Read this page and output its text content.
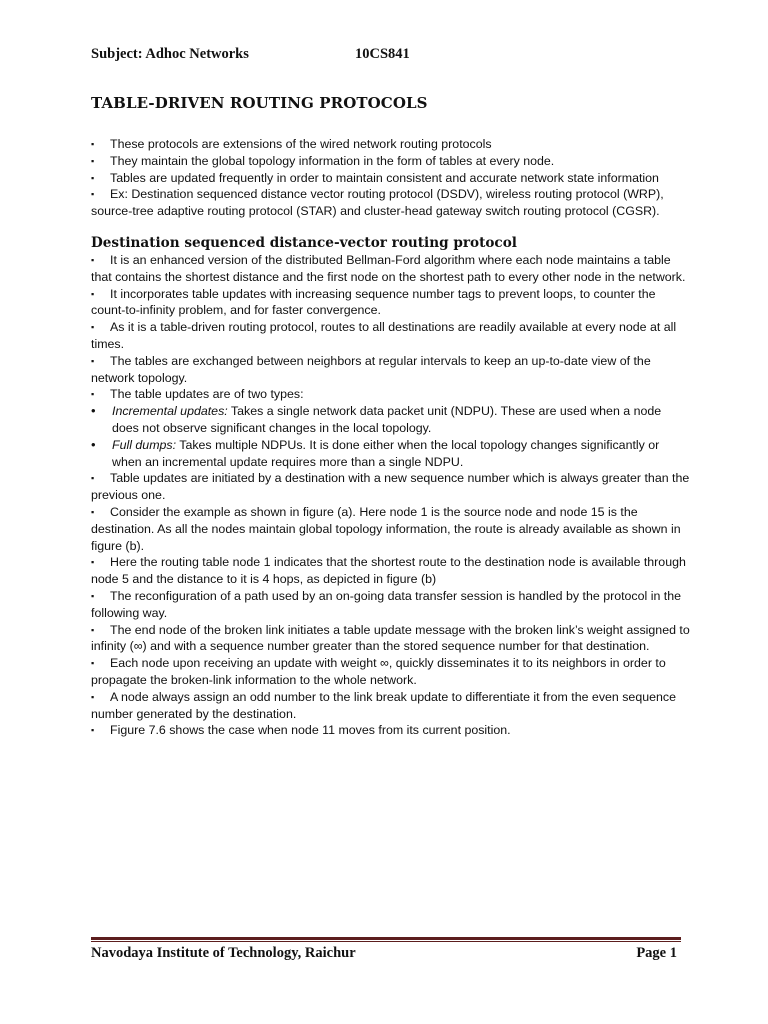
Subject: Adhoc Networks	10CS841
TABLE-DRIVEN ROUTING PROTOCOLS
▪ These protocols are extensions of the wired network routing protocols
▪ They maintain the global topology information in the form of tables at every node.
▪ Tables are updated frequently in order to maintain consistent and accurate network state information
▪ Ex: Destination sequenced distance vector routing protocol (DSDV), wireless routing protocol (WRP), source-tree adaptive routing protocol (STAR) and cluster-head gateway switch routing protocol (CGSR).
Destination sequenced distance-vector routing protocol
▪ It is an enhanced version of the distributed Bellman-Ford algorithm where each node maintains a table that contains the shortest distance and the first node on the shortest path to every other node in the network.
▪ It incorporates table updates with increasing sequence number tags to prevent loops, to counter the count-to-infinity problem, and for faster convergence.
▪ As it is a table-driven routing protocol, routes to all destinations are readily available at every node at all times.
▪ The tables are exchanged between neighbors at regular intervals to keep an up-to-date view of the network topology.
▪ The table updates are of two types:
• Incremental updates: Takes a single network data packet unit (NDPU). These are used when a node does not observe significant changes in the local topology.
• Full dumps: Takes multiple NDPUs. It is done either when the local topology changes significantly or when an incremental update requires more than a single NDPU.
▪ Table updates are initiated by a destination with a new sequence number which is always greater than the previous one.
▪ Consider the example as shown in figure (a). Here node 1 is the source node and node 15 is the destination. As all the nodes maintain global topology information, the route is already available as shown in figure (b).
▪ Here the routing table node 1 indicates that the shortest route to the destination node is available through node 5 and the distance to it is 4 hops, as depicted in figure (b)
▪ The reconfiguration of a path used by an on-going data transfer session is handled by the protocol in the following way.
▪ The end node of the broken link initiates a table update message with the broken link’s weight assigned to infinity (∞) and with a sequence number greater than the stored sequence number for that destination.
▪ Each node upon receiving an update with weight ∞, quickly disseminates it to its neighbors in order to propagate the broken-link information to the whole network.
▪ A node always assign an odd number to the link break update to differentiate it from the even sequence number generated by the destination.
▪ Figure 7.6 shows the case when node 11 moves from its current position.
Navodaya Institute of Technology, Raichur	Page 1
